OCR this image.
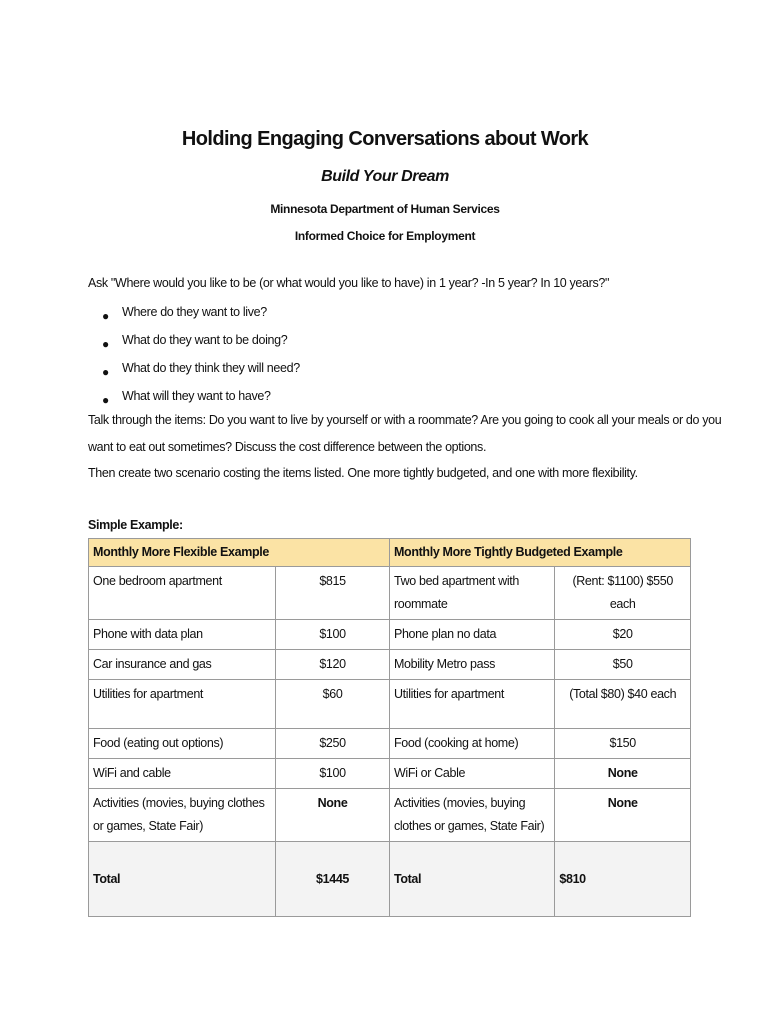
Holding Engaging Conversations about Work
Build Your Dream
Minnesota Department of Human Services
Informed Choice for Employment
Ask "Where would you like to be (or what would you like to have) in 1 year? -In 5 year? In 10 years?"
● Where do they want to live?
● What do they want to be doing?
● What do they think they will need?
● What will they want to have?
Talk through the items: Do you want to live by yourself or with a roommate? Are you going to cook all your meals or do you
want to eat out sometimes? Discuss the cost difference between the options.
Then create two scenario costing the items listed. One more tightly budgeted, and one with more flexibility.
Simple Example:
Monthly More Flexible Example		Monthly More Tightly Budgeted Example	
One bedroom apartment	$815	Two bed apartment with roommate	(Rent: $1100) $550 each
Phone with data plan	$100	Phone plan no data	$20
Car insurance and gas	$120	Mobility Metro pass	$50
Utilities for apartment	$60	Utilities for apartment	(Total $80) $40 each
Food (eating out options)	$250	Food (cooking at home)	$150
WiFi and cable	$100	WiFi or Cable	None
Activities (movies, buying clothes or games, State Fair)	None	Activities (movies, buying clothes or games, State Fair)	None
Total	$1445	Total	$810
